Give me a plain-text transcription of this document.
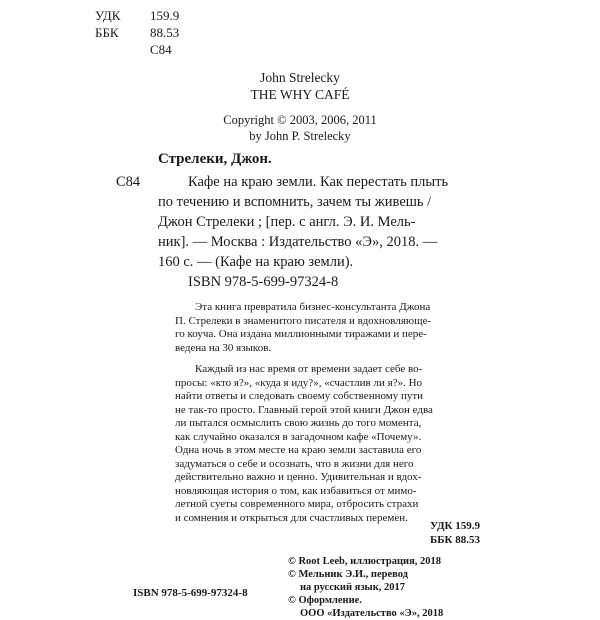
УДК 159.9
ББК 88.53
С84
John Strelecky
THE WHY CAFÉ
Copyright © 2003, 2006, 2011
by John P. Strelecky
Стрелеки, Джон.
С84	Кафе на краю земли. Как перестать плыть
по течению и вспомнить, зачем ты живешь /
Джон Стрелеки ; [пер. с англ. Э. И. Мель-
ник]. — Москва : Издательство «Э», 2018. —
160 с. — (Кафе на краю земли).
ISBN 978-5-699-97324-8

Эта книга превратила бизнес-консультанта Джона

П. Стрелеки в знаменитого писателя и вдохновляюще-

го коуча. Она издана миллионными тиражами и пере-

ведена на 30 языков.

Каждый из нас время от времени задает себе во-

просы: «кто я?», «куда я иду?», «счастлив ли я?». Но

найти ответы и следовать своему собственному пути

не так-то просто. Главный герой этой книги Джон едва

ли пытался осмыслить свою жизнь до того момента,

как случайно оказался в загадочном кафе «Почему».

Одна ночь в этом месте на краю земли заставила его

задуматься о себе и осознать, что в жизни для него

действительно важно и ценно. Удивительная и вдох-

новляющая история о том, как избавиться от мимо-

летной суеты современного мира, отбросить страхи

и сомнения и открыться для счастливых перемен.

УДК 159.9
ББК 88.53
© Root Leeb, иллюстрация, 2018
© Мельник Э.И., перевод
на русский язык, 2017
© Оформление.
ООО «Издательство «Э», 2018
ISBN 978-5-699-97324-8
